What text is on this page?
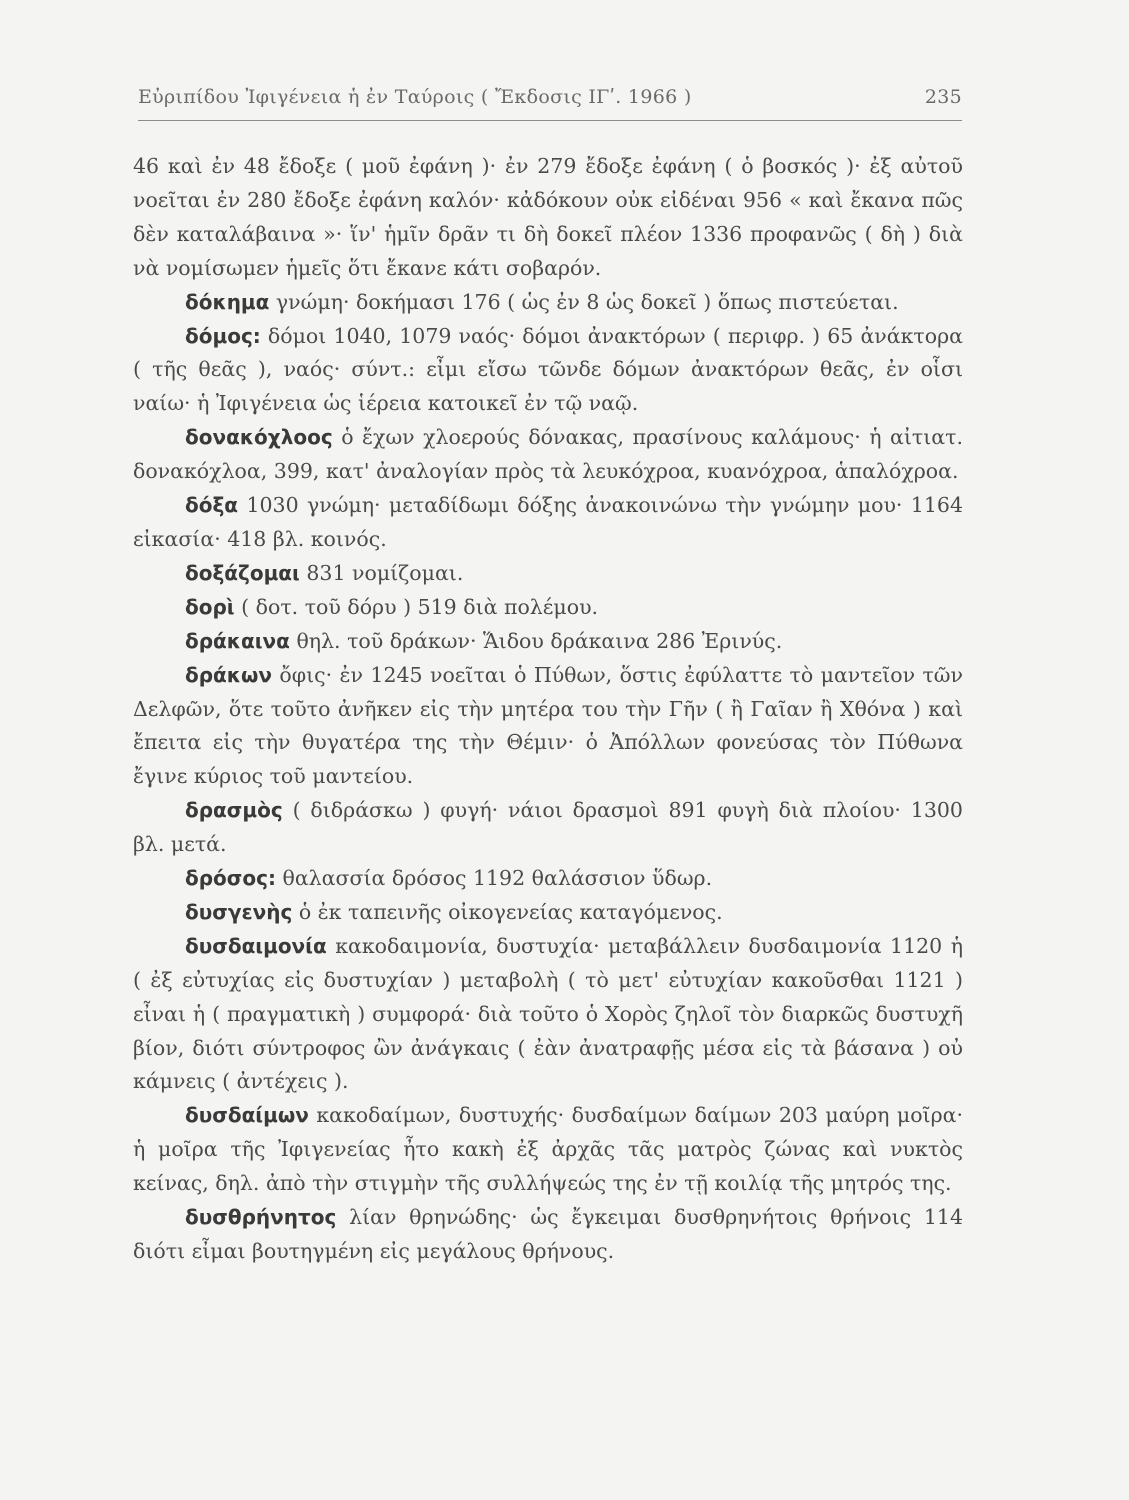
Εὐριπίδου Ἰφιγένεια ἡ ἐν Ταύροις ( Ἔκδοσις ΙΓʹ. 1966 )	235

46 καὶ ἐν 48 ἔδοξε ( μοῦ ἐφάνη )· ἐν 279 ἔδοξε ἐφάνη ( ὁ βοσκός )· ἐξ αὐτοῦ νοεῖται ἐν 280 ἔδοξε ἐφάνη καλόν· κἀδόκουν οὐκ εἰδέναι 956 « καὶ ἔκανα πῶς δὲν καταλάβαινα »· ἵν' ἡμῖν δρᾶν τι δὴ δοκεῖ πλέον 1336 προφανῶς ( δὴ ) διὰ νὰ νομίσωμεν ἡμεῖς ὅτι ἔκανε κάτι σοβαρόν.

δόκημα γνώμη· δοκήμασι 176 ( ὡς ἐν 8 ὡς δοκεῖ ) ὅπως πιστεύεται.

δόμος: δόμοι 1040, 1079 ναός· δόμοι ἀνακτόρων ( περιφρ. ) 65 ἀνάκτορα ( τῆς θεᾶς ), ναός· σύντ.: εἶμι εἴσω τῶνδε δόμων ἀνακτόρων θεᾶς, ἐν οἷσι ναίω· ἡ Ἰφιγένεια ὡς ἱέρεια κατοικεῖ ἐν τῷ ναῷ.

δονακόχλοος ὁ ἔχων χλοερούς δόνακας, πρασίνους καλάμους· ἡ αἰτιατ. δονακόχλοα, 399, κατ' ἀναλογίαν πρὸς τὰ λευκόχροα, κυανόχροα, ἁπαλόχροα.

δόξα 1030 γνώμη· μεταδίδωμι δόξης ἀνακοινώνω τὴν γνώμην μου· 1164 εἰκασία· 418 βλ. κοινός.

δοξάζομαι 831 νομίζομαι.

δορὶ ( δοτ. τοῦ δόρυ ) 519 διὰ πολέμου.

δράκαινα θηλ. τοῦ δράκων· Ἅιδου δράκαινα 286 Ἐρινύς.

δράκων ὄφις· ἐν 1245 νοεῖται ὁ Πύθων, ὅστις ἐφύλαττε τὸ μαντεῖον τῶν Δελφῶν, ὅτε τοῦτο ἀνῆκεν εἰς τὴν μητέρα του τὴν Γῆν ( ἢ Γαῖαν ἢ Χθόνα ) καὶ ἔπειτα εἰς τὴν θυγατέρα της τὴν Θέμιν· ὁ Ἀπόλλων φονεύσας τὸν Πύθωνα ἔγινε κύριος τοῦ μαντείου.

δρασμὸς ( διδράσκω ) φυγή· νάιοι δρασμοὶ 891 φυγὴ διὰ πλοίου· 1300 βλ. μετά.

δρόσος: θαλασσία δρόσος 1192 θαλάσσιον ὕδωρ.

δυσγενὴς ὁ ἐκ ταπεινῆς οἰκογενείας καταγόμενος.

δυσδαιμονία κακοδαιμονία, δυστυχία· μεταβάλλειν δυσδαιμονία 1120 ἡ ( ἐξ εὐτυχίας εἰς δυστυχίαν ) μεταβολὴ ( τὸ μετ' εὐτυχίαν κακοῦσθαι 1121 ) εἶναι ἡ ( πραγματικὴ ) συμφορά· διὰ τοῦτο ὁ Χορὸς ζηλοῖ τὸν διαρκῶς δυστυχῆ βίον, διότι σύντροφος ὢν ἀνάγκαις ( ἐὰν ἀνατραφῇς μέσα εἰς τὰ βάσανα ) οὐ κάμνεις ( ἀντέχεις ).

δυσδαίμων κακοδαίμων, δυστυχής· δυσδαίμων δαίμων 203 μαύρη μοῖρα· ἡ μοῖρα τῆς Ἰφιγενείας ἦτο κακὴ ἐξ ἀρχᾶς τᾶς ματρὸς ζώνας καὶ νυκτὸς κείνας, δηλ. ἀπὸ τὴν στιγμὴν τῆς συλλήψεώς της ἐν τῇ κοιλίᾳ τῆς μητρός της.

δυσθρήνητος λίαν θρηνώδης· ὡς ἔγκειμαι δυσθρηνήτοις θρήνοις 114 διότι εἶμαι βουτηγμένη εἰς μεγάλους θρήνους.
